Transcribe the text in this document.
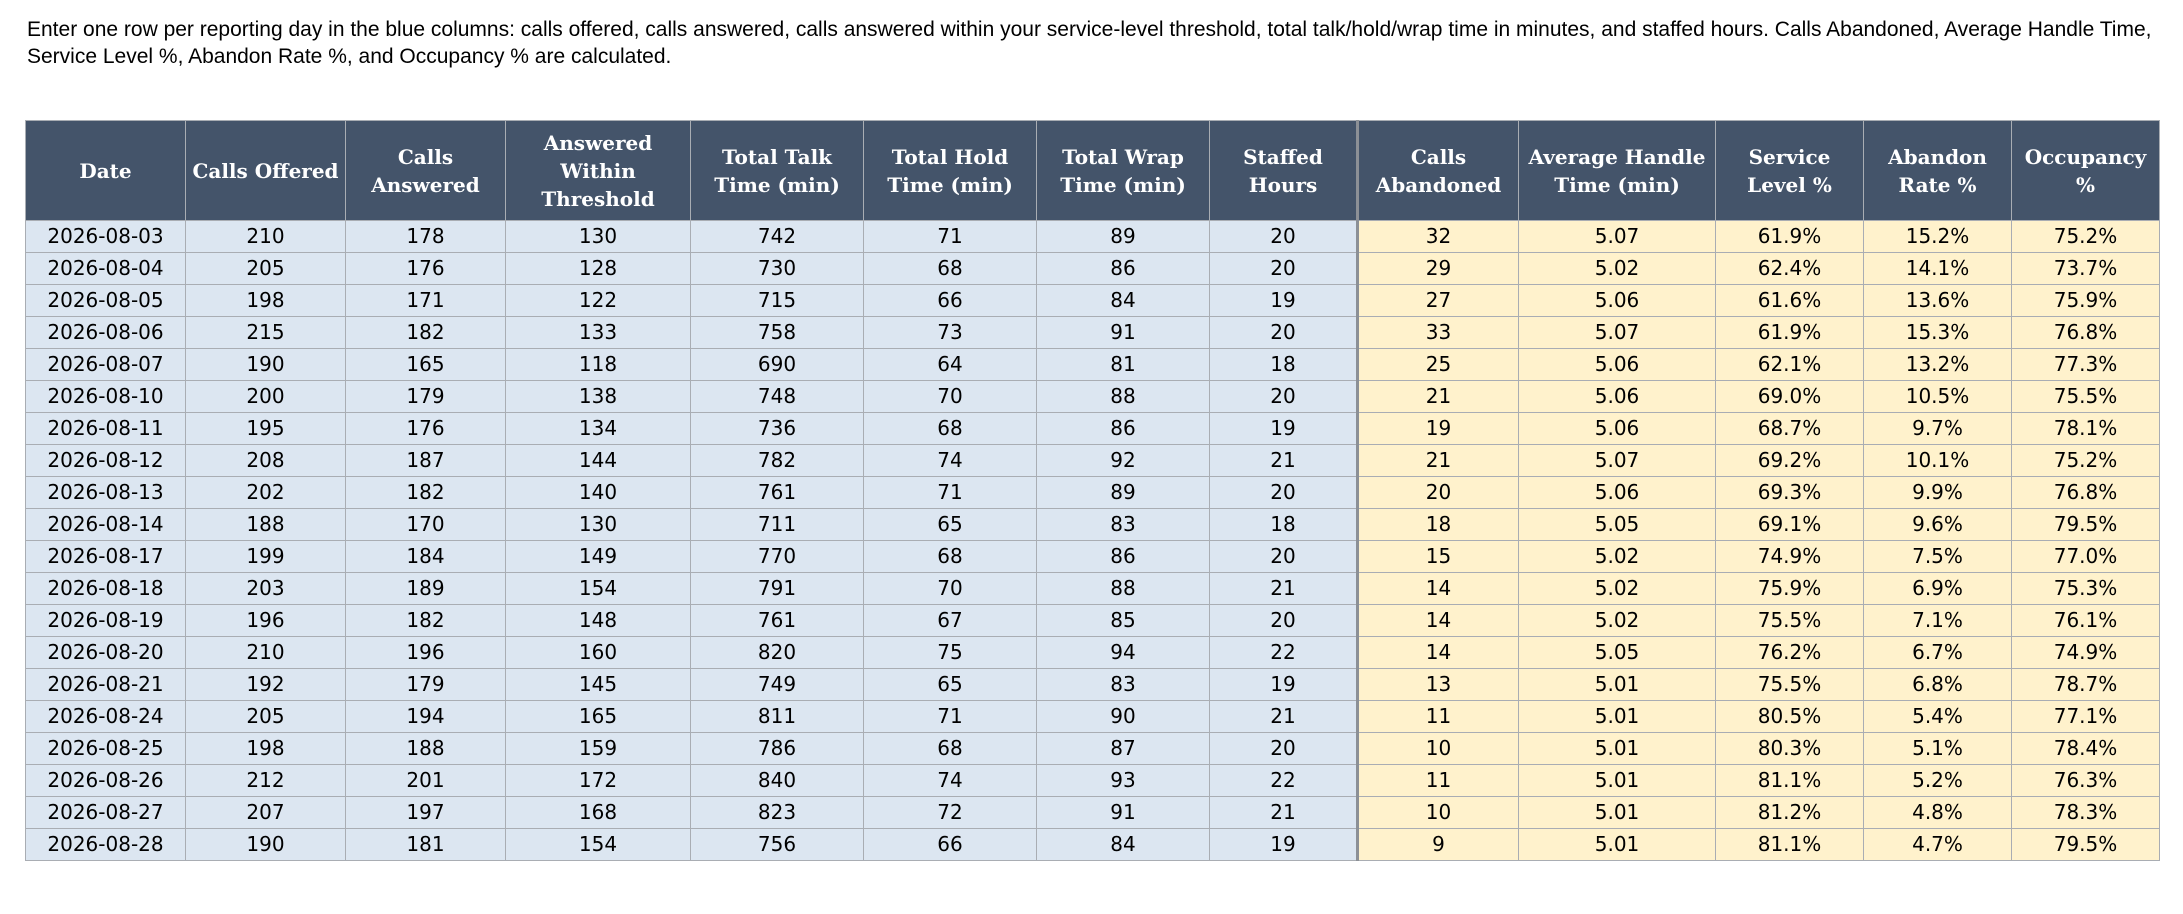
Enter one row per reporting day in the blue columns: calls offered, calls answered, calls answered within your service-level threshold, total talk/hold/wrap time in minutes, and staffed hours. Calls Abandoned, Average Handle Time, Service Level %, Abandon Rate %, and Occupancy % are calculated.
Date	Calls Offered	Calls Answered	Answered Within Threshold	Total Talk Time (min)	Total Hold Time (min)	Total Wrap Time (min)	Staffed Hours	Calls Abandoned	Average Handle Time (min)	Service Level %	Abandon Rate %	Occupancy %
2026-08-03	210	178	130	742	71	89	20	32	5.07	61.9%	15.2%	75.2%
2026-08-04	205	176	128	730	68	86	20	29	5.02	62.4%	14.1%	73.7%
2026-08-05	198	171	122	715	66	84	19	27	5.06	61.6%	13.6%	75.9%
2026-08-06	215	182	133	758	73	91	20	33	5.07	61.9%	15.3%	76.8%
2026-08-07	190	165	118	690	64	81	18	25	5.06	62.1%	13.2%	77.3%
2026-08-10	200	179	138	748	70	88	20	21	5.06	69.0%	10.5%	75.5%
2026-08-11	195	176	134	736	68	86	19	19	5.06	68.7%	9.7%	78.1%
2026-08-12	208	187	144	782	74	92	21	21	5.07	69.2%	10.1%	75.2%
2026-08-13	202	182	140	761	71	89	20	20	5.06	69.3%	9.9%	76.8%
2026-08-14	188	170	130	711	65	83	18	18	5.05	69.1%	9.6%	79.5%
2026-08-17	199	184	149	770	68	86	20	15	5.02	74.9%	7.5%	77.0%
2026-08-18	203	189	154	791	70	88	21	14	5.02	75.9%	6.9%	75.3%
2026-08-19	196	182	148	761	67	85	20	14	5.02	75.5%	7.1%	76.1%
2026-08-20	210	196	160	820	75	94	22	14	5.05	76.2%	6.7%	74.9%
2026-08-21	192	179	145	749	65	83	19	13	5.01	75.5%	6.8%	78.7%
2026-08-24	205	194	165	811	71	90	21	11	5.01	80.5%	5.4%	77.1%
2026-08-25	198	188	159	786	68	87	20	10	5.01	80.3%	5.1%	78.4%
2026-08-26	212	201	172	840	74	93	22	11	5.01	81.1%	5.2%	76.3%
2026-08-27	207	197	168	823	72	91	21	10	5.01	81.2%	4.8%	78.3%
2026-08-28	190	181	154	756	66	84	19	9	5.01	81.1%	4.7%	79.5%
